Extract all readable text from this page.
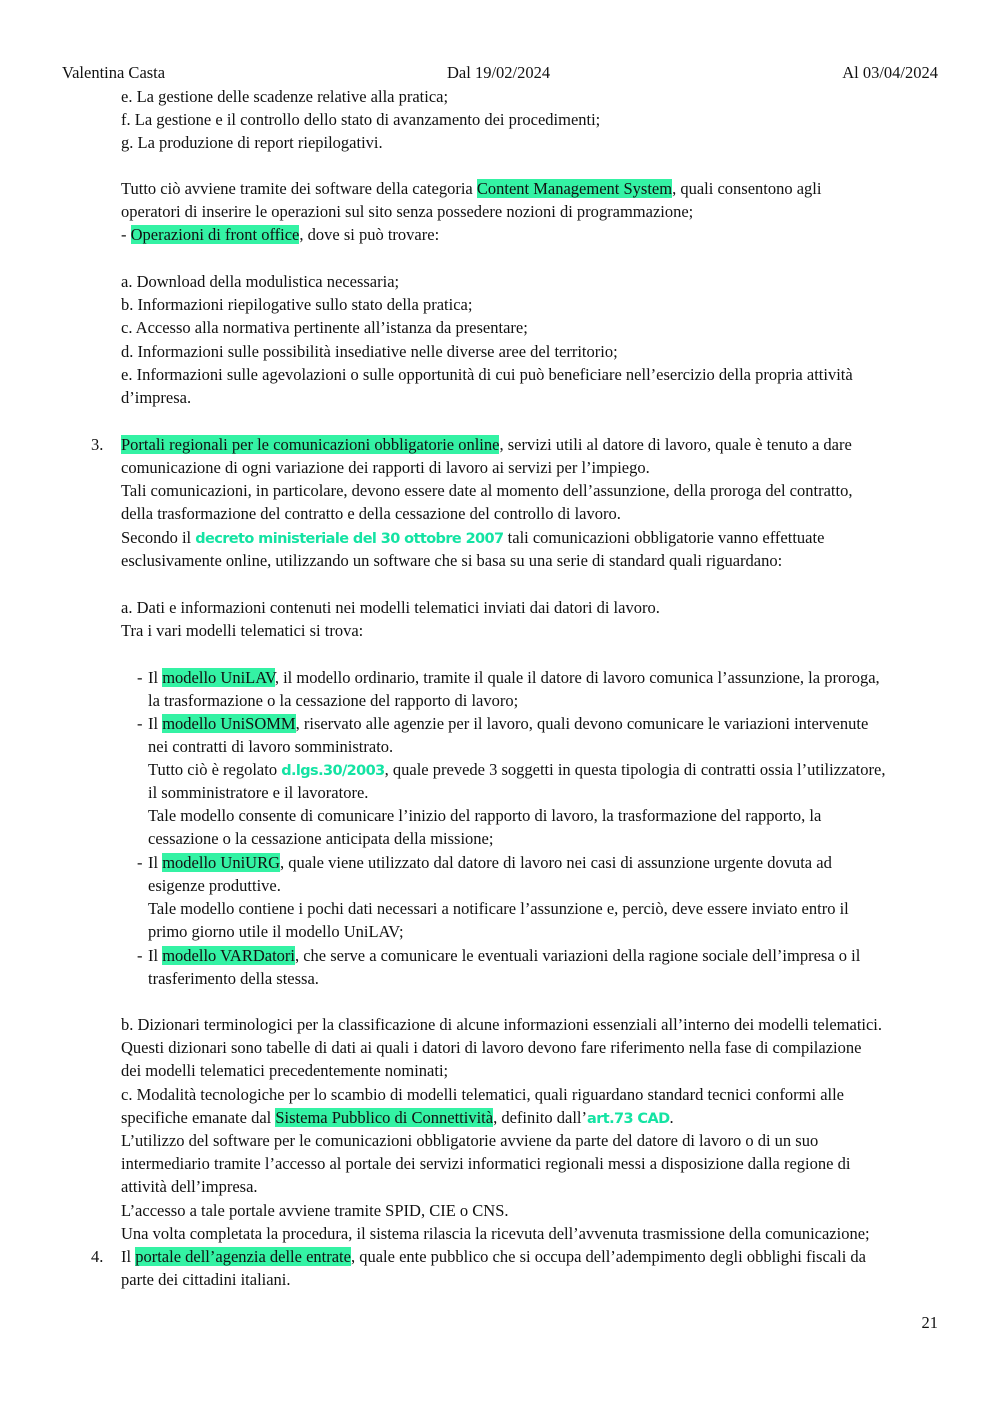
Valentina Casta	Dal 19/02/2024	Al 03/04/2024
e. La gestione delle scadenze relative alla pratica;
f. La gestione e il controllo dello stato di avanzamento dei procedimenti;
g. La produzione di report riepilogativi.
Tutto ciò avviene tramite dei software della categoria Content Management System, quali consentono agli
operatori di inserire le operazioni sul sito senza possedere nozioni di programmazione;
- Operazioni di front office, dove si può trovare:
a. Download della modulistica necessaria;
b. Informazioni riepilogative sullo stato della pratica;
c. Accesso alla normativa pertinente all’istanza da presentare;
d. Informazioni sulle possibilità insediative nelle diverse aree del territorio;
e. Informazioni sulle agevolazioni o sulle opportunità di cui può beneficiare nell’esercizio della propria attività
d’impresa.
3. Portali regionali per le comunicazioni obbligatorie online, servizi utili al datore di lavoro, quale è tenuto a dare
comunicazione di ogni variazione dei rapporti di lavoro ai servizi per l’impiego.
Tali comunicazioni, in particolare, devono essere date al momento dell’assunzione, della proroga del contratto,
della trasformazione del contratto e della cessazione del controllo di lavoro.
Secondo il decreto ministeriale del 30 ottobre 2007 tali comunicazioni obbligatorie vanno effettuate
esclusivamente online, utilizzando un software che si basa su una serie di standard quali riguardano:
a. Dati e informazioni contenuti nei modelli telematici inviati dai datori di lavoro.
Tra i vari modelli telematici si trova:
- Il modello UniLAV, il modello ordinario, tramite il quale il datore di lavoro comunica l’assunzione, la proroga,
la trasformazione o la cessazione del rapporto di lavoro;
- Il modello UniSOMM, riservato alle agenzie per il lavoro, quali devono comunicare le variazioni intervenute
nei contratti di lavoro somministrato.
Tutto ciò è regolato d.lgs.30/2003, quale prevede 3 soggetti in questa tipologia di contratti ossia l’utilizzatore,
il somministratore e il lavoratore.
Tale modello consente di comunicare l’inizio del rapporto di lavoro, la trasformazione del rapporto, la
cessazione o la cessazione anticipata della missione;
- Il modello UniURG, quale viene utilizzato dal datore di lavoro nei casi di assunzione urgente dovuta ad
esigenze produttive.
Tale modello contiene i pochi dati necessari a notificare l’assunzione e, perciò, deve essere inviato entro il
primo giorno utile il modello UniLAV;
- Il modello VARDatori, che serve a comunicare le eventuali variazioni della ragione sociale dell’impresa o il
trasferimento della stessa.
b. Dizionari terminologici per la classificazione di alcune informazioni essenziali all’interno dei modelli telematici.
Questi dizionari sono tabelle di dati ai quali i datori di lavoro devono fare riferimento nella fase di compilazione
dei modelli telematici precedentemente nominati;
c. Modalità tecnologiche per lo scambio di modelli telematici, quali riguardano standard tecnici conformi alle
specifiche emanate dal Sistema Pubblico di Connettività, definito dall’art.73 CAD.
L’utilizzo del software per le comunicazioni obbligatorie avviene da parte del datore di lavoro o di un suo
intermediario tramite l’accesso al portale dei servizi informatici regionali messi a disposizione dalla regione di
attività dell’impresa.
L’accesso a tale portale avviene tramite SPID, CIE o CNS.
Una volta completata la procedura, il sistema rilascia la ricevuta dell’avvenuta trasmissione della comunicazione;
4. Il portale dell’agenzia delle entrate, quale ente pubblico che si occupa dell’adempimento degli obblighi fiscali da
parte dei cittadini italiani.
21
